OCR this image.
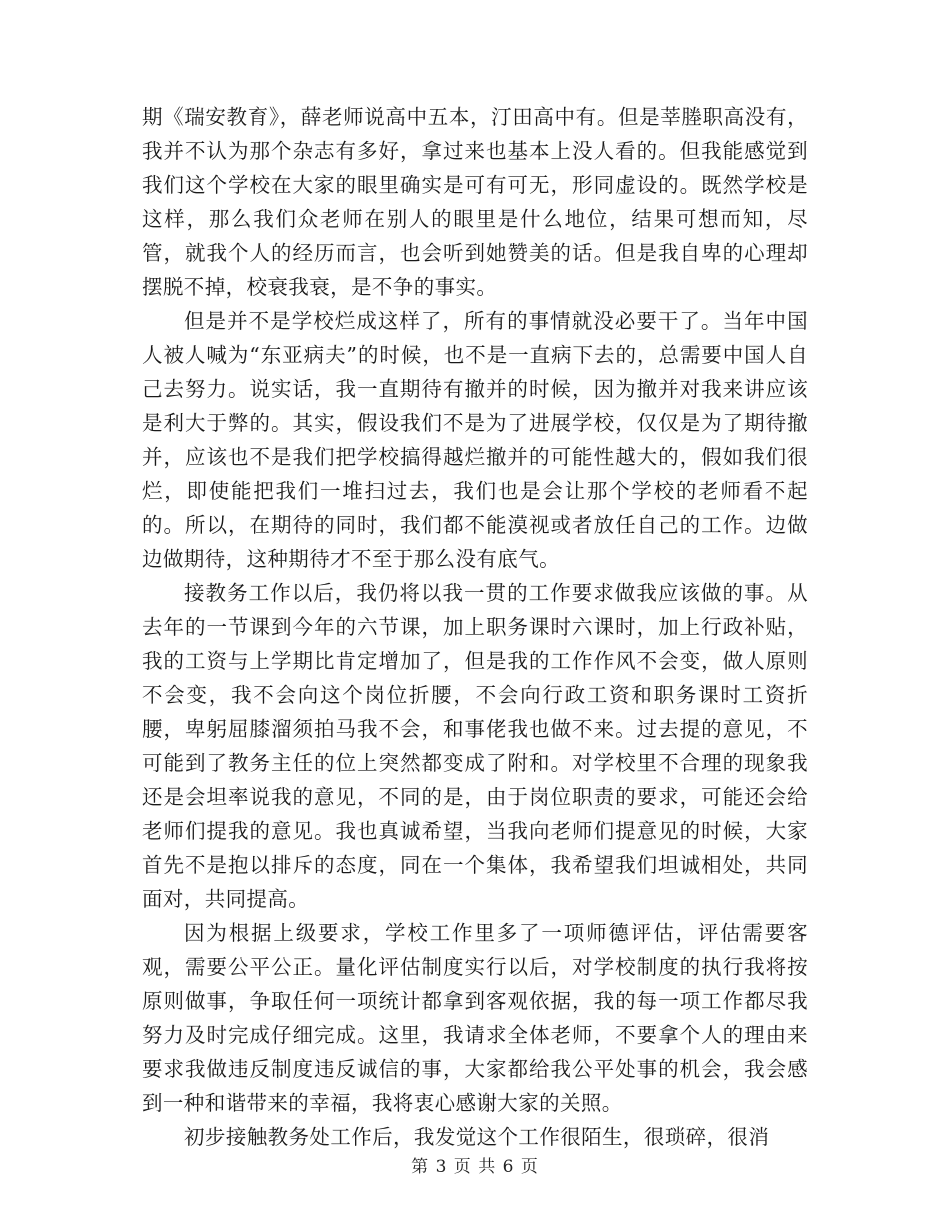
期《瑞安教育》，薛老师说高中五本，汀田高中有。但是莘塍职高没有，我并不认为那个杂志有多好，拿过来也基本上没人看的。但我能感觉到我们这个学校在大家的眼里确实是可有可无，形同虚设的。既然学校是这样，那么我们众老师在别人的眼里是什么地位，结果可想而知，尽管，就我个人的经历而言，也会听到她赞美的话。但是我自卑的心理却摆脱不掉，校衰我衰，是不争的事实。

但是并不是学校烂成这样了，所有的事情就没必要干了。当年中国人被人喊为“东亚病夫”的时候，也不是一直病下去的，总需要中国人自己去努力。说实话，我一直期待有撤并的时候，因为撤并对我来讲应该是利大于弊的。其实，假设我们不是为了进展学校，仅仅是为了期待撤并，应该也不是我们把学校搞得越烂撤并的可能性越大的，假如我们很烂，即使能把我们一堆扫过去，我们也是会让那个学校的老师看不起的。所以，在期待的同时，我们都不能漠视或者放任自己的工作。边做边做期待，这种期待才不至于那么没有底气。

接教务工作以后，我仍将以我一贯的工作要求做我应该做的事。从去年的一节课到今年的六节课，加上职务课时六课时，加上行政补贴，我的工资与上学期比肯定增加了，但是我的工作作风不会变，做人原则不会变，我不会向这个岗位折腰，不会向行政工资和职务课时工资折腰，卑躬屈膝溜须拍马我不会，和事佬我也做不来。过去提的意见，不可能到了教务主任的位上突然都变成了附和。对学校里不合理的现象我还是会坦率说我的意见，不同的是，由于岗位职责的要求，可能还会给老师们提我的意见。我也真诚希望，当我向老师们提意见的时候，大家首先不是抱以排斥的态度，同在一个集体，我希望我们坦诚相处，共同面对，共同提高。

因为根据上级要求，学校工作里多了一项师德评估，评估需要客观，需要公平公正。量化评估制度实行以后，对学校制度的执行我将按原则做事，争取任何一项统计都拿到客观依据，我的每一项工作都尽我努力及时完成仔细完成。这里，我请求全体老师，不要拿个人的理由来要求我做违反制度违反诚信的事，大家都给我公平处事的机会，我会感到一种和谐带来的幸福，我将衷心感谢大家的关照。

初步接触教务处工作后，我发觉这个工作很陌生，很琐碎，很消

第 3 页 共 6 页
